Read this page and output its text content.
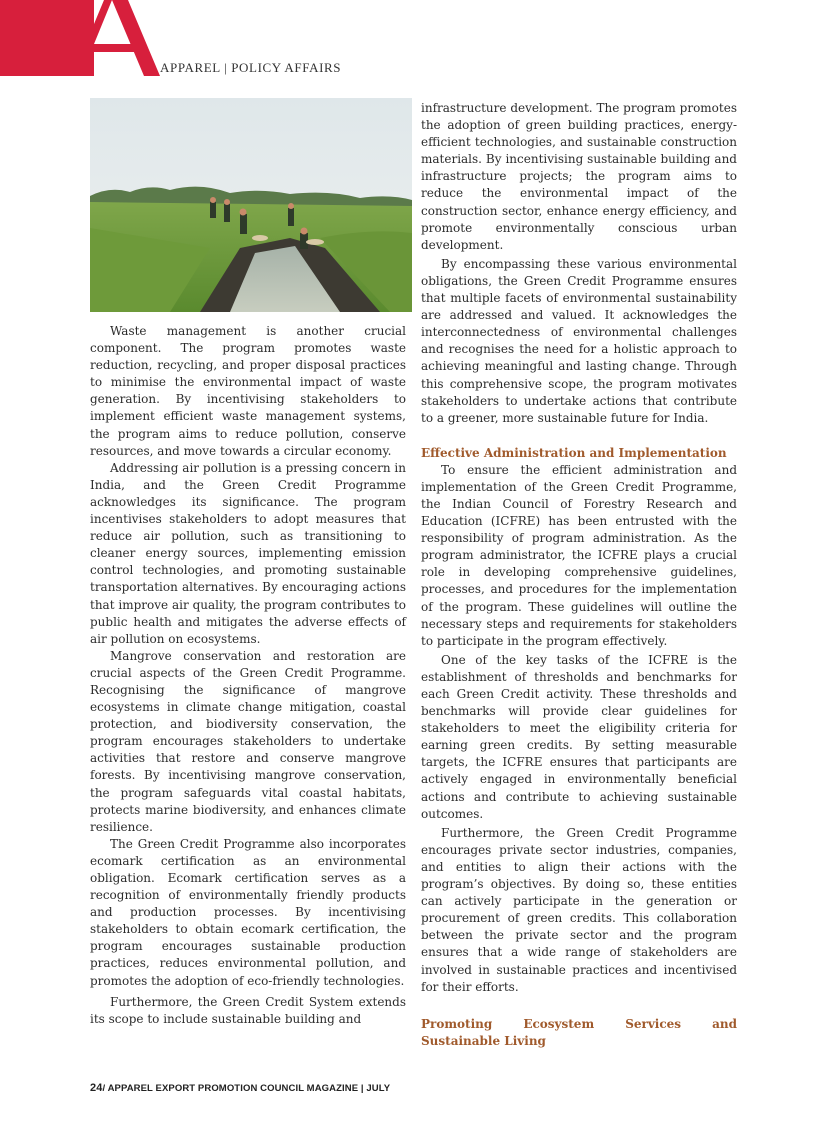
APPAREL | POLICY AFFAIRS

Waste management is another crucial component. The program promotes waste reduction, recycling, and proper disposal practices to minimise the environmental impact of waste generation. By incentivising stakeholders to implement efficient waste management systems, the program aims to reduce pollution, conserve resources, and move towards a circular economy.

Addressing air pollution is a pressing concern in India, and the Green Credit Programme acknowledges its significance. The program incentivises stakeholders to adopt measures that reduce air pollution, such as transitioning to cleaner energy sources, implementing emission control technologies, and promoting sustainable transportation alternatives. By encouraging actions that improve air quality, the program contributes to public health and mitigates the adverse effects of air pollution on ecosystems.

Mangrove conservation and restoration are crucial aspects of the Green Credit Programme. Recognising the significance of mangrove ecosystems in climate change mitigation, coastal protection, and biodiversity conservation, the program encourages stakeholders to undertake activities that restore and conserve mangrove forests. By incentivising mangrove conservation, the program safeguards vital coastal habitats, protects marine biodiversity, and enhances climate resilience.

The Green Credit Programme also incorporates ecomark certification as an environmental obligation. Ecomark certification serves as a recognition of environmentally friendly products and production processes. By incentivising stakeholders to obtain ecomark certification, the program encourages sustainable production practices, reduces environmental pollution, and promotes the adoption of eco-friendly technologies.

Furthermore, the Green Credit System extends its scope to include sustainable building and

infrastructure development. The program promotes the adoption of green building practices, energy-efficient technologies, and sustainable construction materials. By incentivising sustainable building and infrastructure projects; the program aims to reduce the environmental impact of the construction sector, enhance energy efficiency, and promote environmentally conscious urban development.

By encompassing these various environmental obligations, the Green Credit Programme ensures that multiple facets of environmental sustainability are addressed and valued. It acknowledges the interconnectedness of environmental challenges and recognises the need for a holistic approach to achieving meaningful and lasting change. Through this comprehensive scope, the program motivates stakeholders to undertake actions that contribute to a greener, more sustainable future for India.

Effective Administration and Implementation

To ensure the efficient administration and implementation of the Green Credit Programme, the Indian Council of Forestry Research and Education (ICFRE) has been entrusted with the responsibility of program administration. As the program administrator, the ICFRE plays a crucial role in developing comprehensive guidelines, processes, and procedures for the implementation of the program. These guidelines will outline the necessary steps and requirements for stakeholders to participate in the program effectively.

One of the key tasks of the ICFRE is the establishment of thresholds and benchmarks for each Green Credit activity. These thresholds and benchmarks will provide clear guidelines for stakeholders to meet the eligibility criteria for earning green credits. By setting measurable targets, the ICFRE ensures that participants are actively engaged in environmentally beneficial actions and contribute to achieving sustainable outcomes.

Furthermore, the Green Credit Programme encourages private sector industries, companies, and entities to align their actions with the program’s objectives. By doing so, these entities can actively participate in the generation or procurement of green credits. This collaboration between the private sector and the program ensures that a wide range of stakeholders are involved in sustainable practices and incentivised for their efforts.

Promoting Ecosystem Services and Sustainable Living
24/ APPAREL EXPORT PROMOTION COUNCIL MAGAZINE | JULY
